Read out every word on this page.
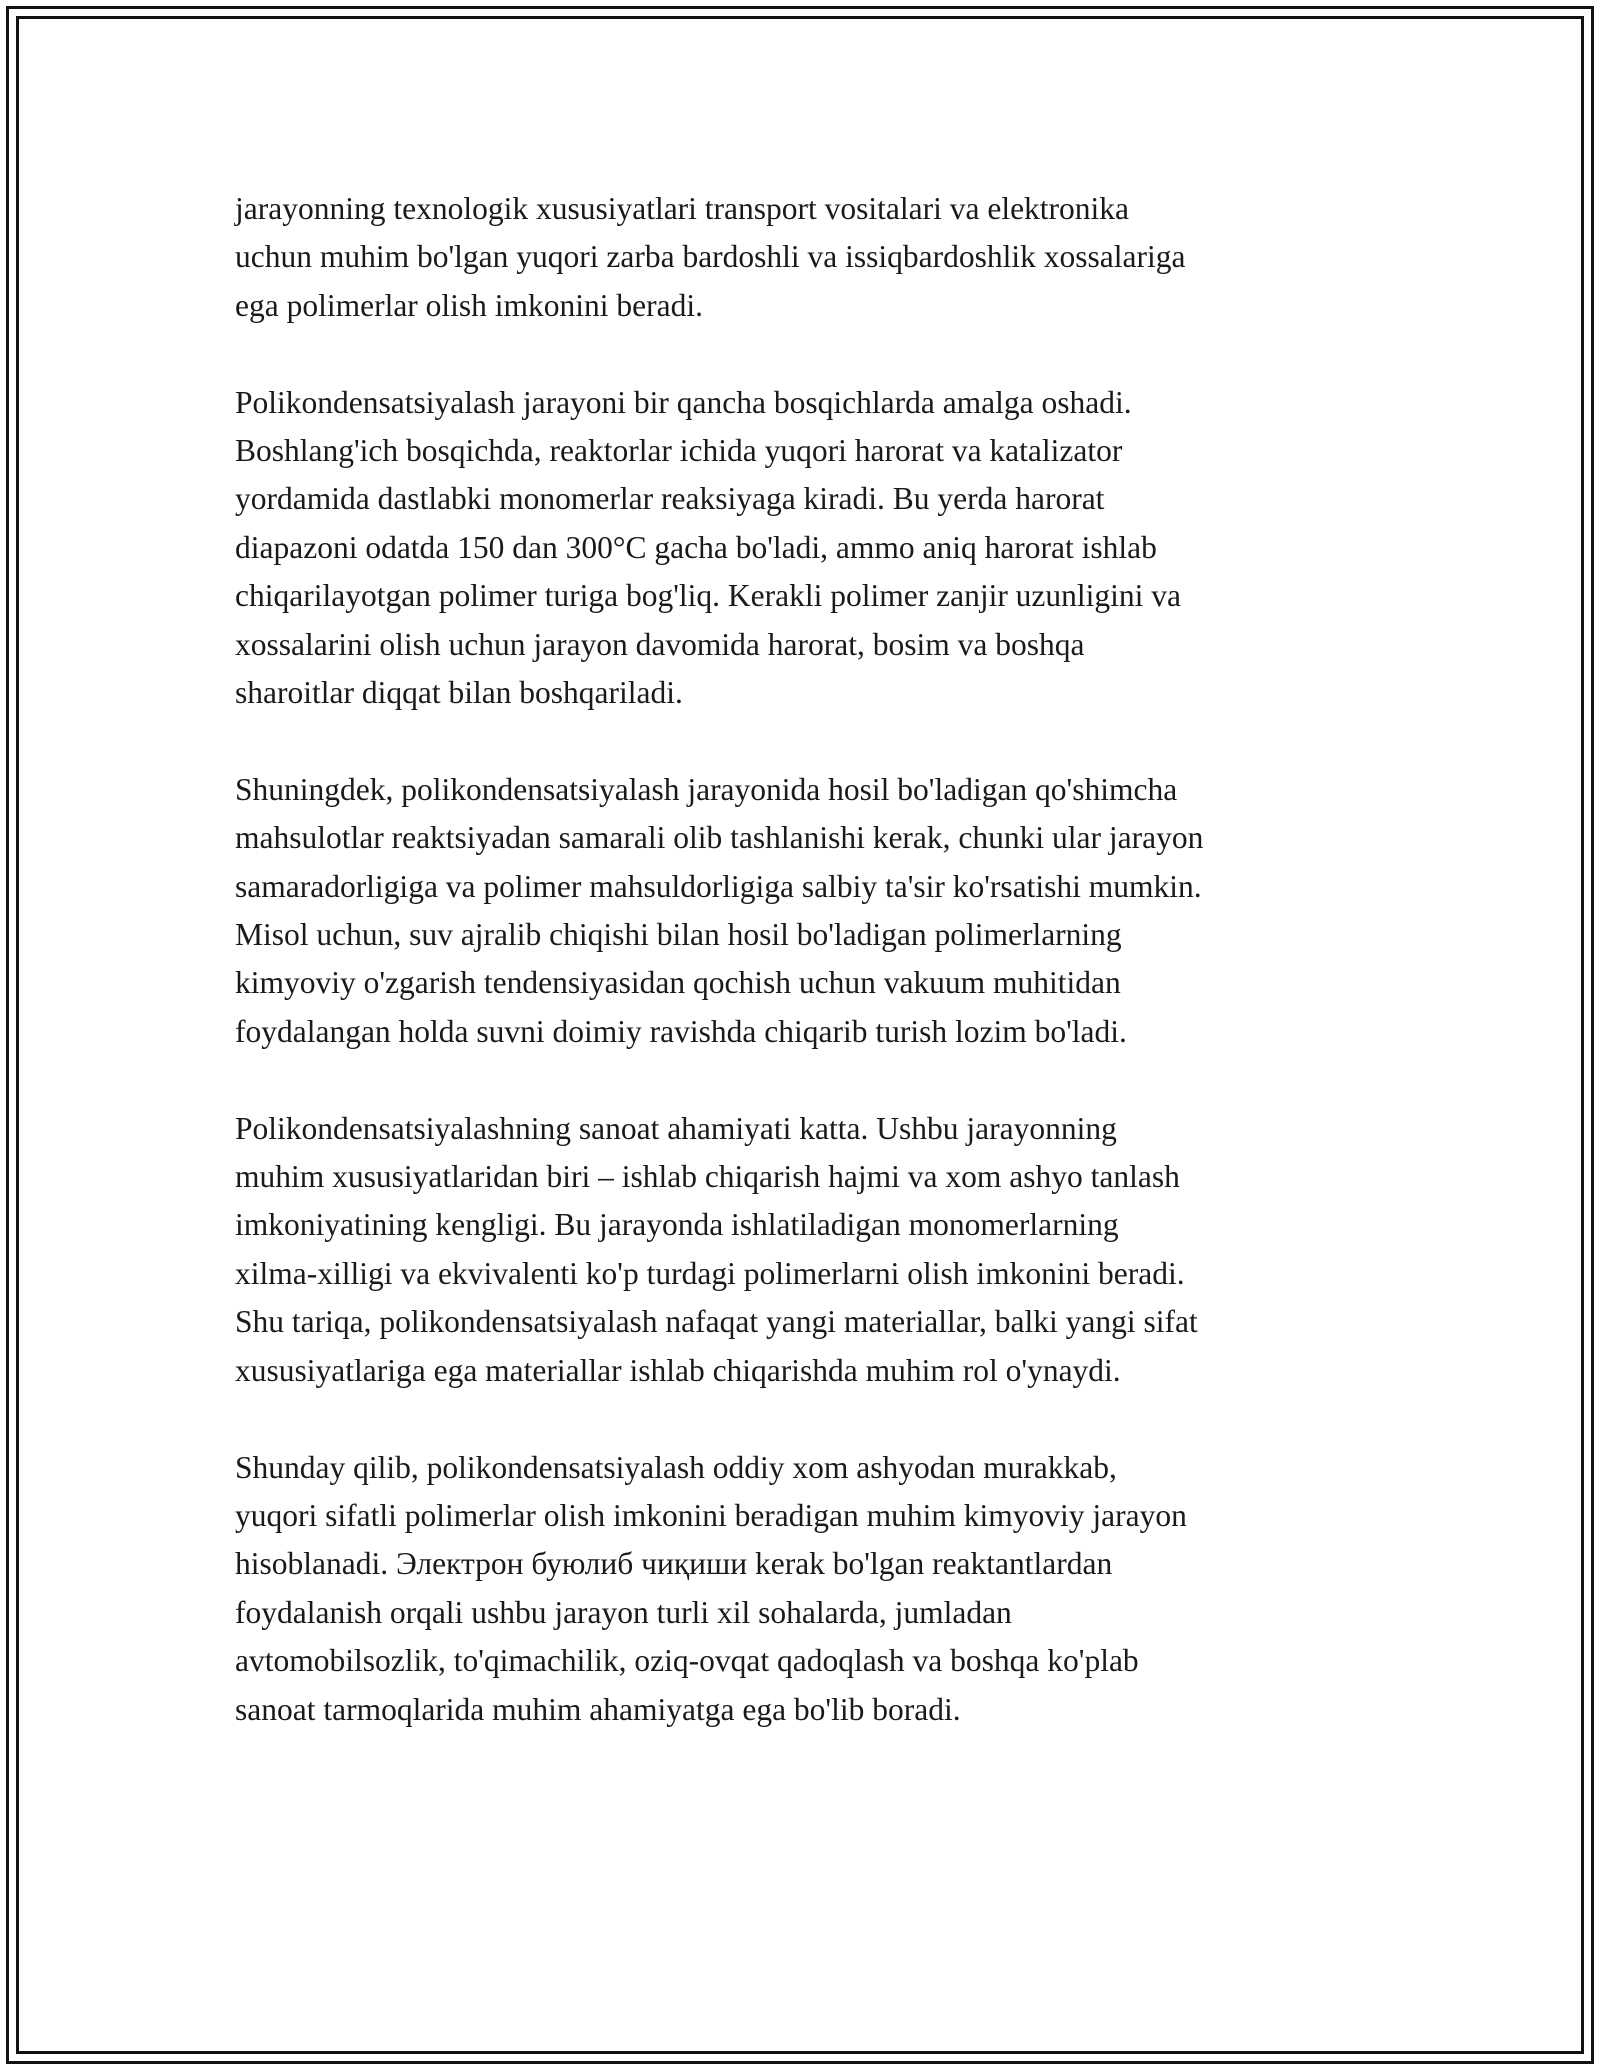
jarayonning texnologik xususiyatlari transport vositalari va elektronika
uchun muhim bo'lgan yuqori zarba bardoshli va issiqbardoshlik xossalariga
ega polimerlar olish imkonini beradi.

Polikondensatsiyalash jarayoni bir qancha bosqichlarda amalga oshadi.
Boshlang'ich bosqichda, reaktorlar ichida yuqori harorat va katalizator
yordamida dastlabki monomerlar reaksiyaga kiradi. Bu yerda harorat
diapazoni odatda 150 dan 300°C gacha bo'ladi, ammo aniq harorat ishlab
chiqarilayotgan polimer turiga bog'liq. Kerakli polimer zanjir uzunligini va
xossalarini olish uchun jarayon davomida harorat, bosim va boshqa
sharoitlar diqqat bilan boshqariladi.

Shuningdek, polikondensatsiyalash jarayonida hosil bo'ladigan qo'shimcha
mahsulotlar reaktsiyadan samarali olib tashlanishi kerak, chunki ular jarayon
samaradorligiga va polimer mahsuldorligiga salbiy ta'sir ko'rsatishi mumkin.
Misol uchun, suv ajralib chiqishi bilan hosil bo'ladigan polimerlarning
kimyoviy o'zgarish tendensiyasidan qochish uchun vakuum muhitidan
foydalangan holda suvni doimiy ravishda chiqarib turish lozim bo'ladi.

Polikondensatsiyalashning sanoat ahamiyati katta. Ushbu jarayonning
muhim xususiyatlaridan biri – ishlab chiqarish hajmi va xom ashyo tanlash
imkoniyatining kengligi. Bu jarayonda ishlatiladigan monomerlarning
xilma-xilligi va ekvivalenti ko'p turdagi polimerlarni olish imkonini beradi.
Shu tariqa, polikondensatsiyalash nafaqat yangi materiallar, balki yangi sifat
xususiyatlariga ega materiallar ishlab chiqarishda muhim rol o'ynaydi.

Shunday qilib, polikondensatsiyalash oddiy xom ashyodan murakkab,
yuqori sifatli polimerlar olish imkonini beradigan muhim kimyoviy jarayon
hisoblanadi. Электрон буюлиб чиқиши kerak bo'lgan reaktantlardan
foydalanish orqali ushbu jarayon turli xil sohalarda, jumladan
avtomobilsozlik, to'qimachilik, oziq-ovqat qadoqlash va boshqa ko'plab
sanoat tarmoqlarida muhim ahamiyatga ega bo'lib boradi.
